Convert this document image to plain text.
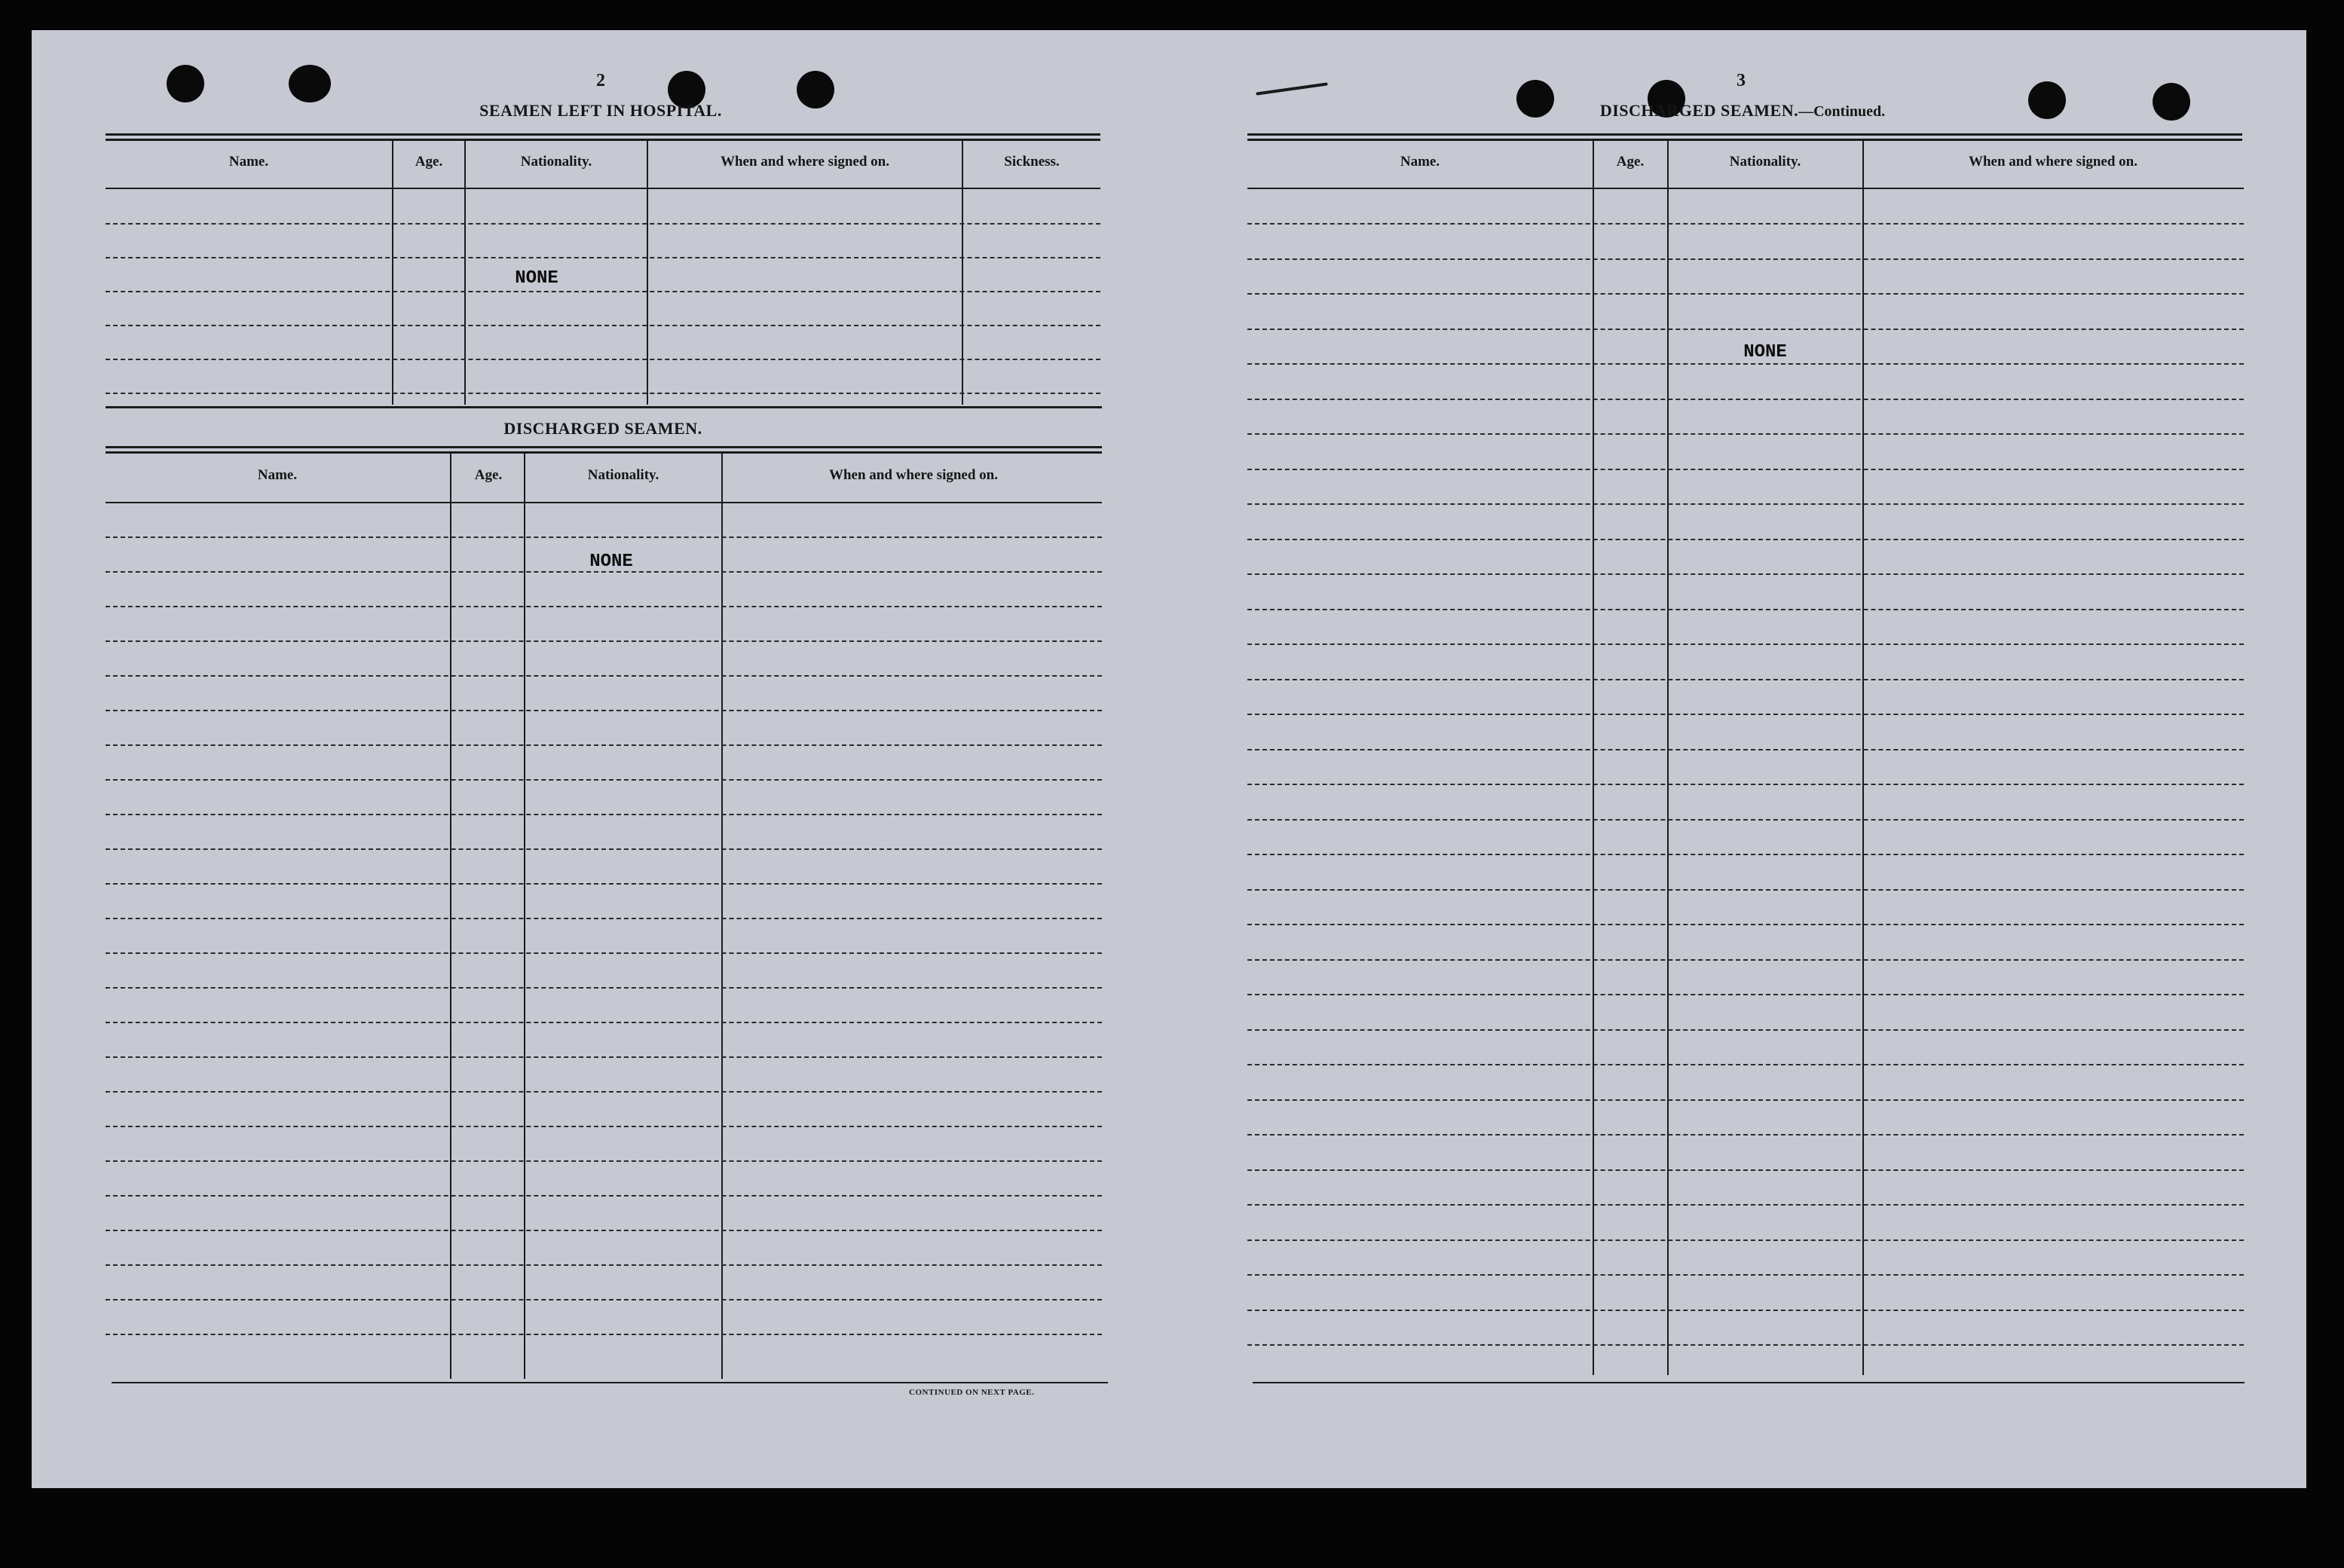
2
SEAMEN LEFT IN HOSPITAL.
Name.	Age.	Nationality.	When and where signed on.	Sickness.
NONE
DISCHARGED SEAMEN.
Name.	Age.	Nationality.	When and where signed on.
NONE
CONTINUED ON NEXT PAGE.
3
DISCHARGED SEAMEN.—Continued.
Name.	Age.	Nationality.	When and where signed on.
NONE
